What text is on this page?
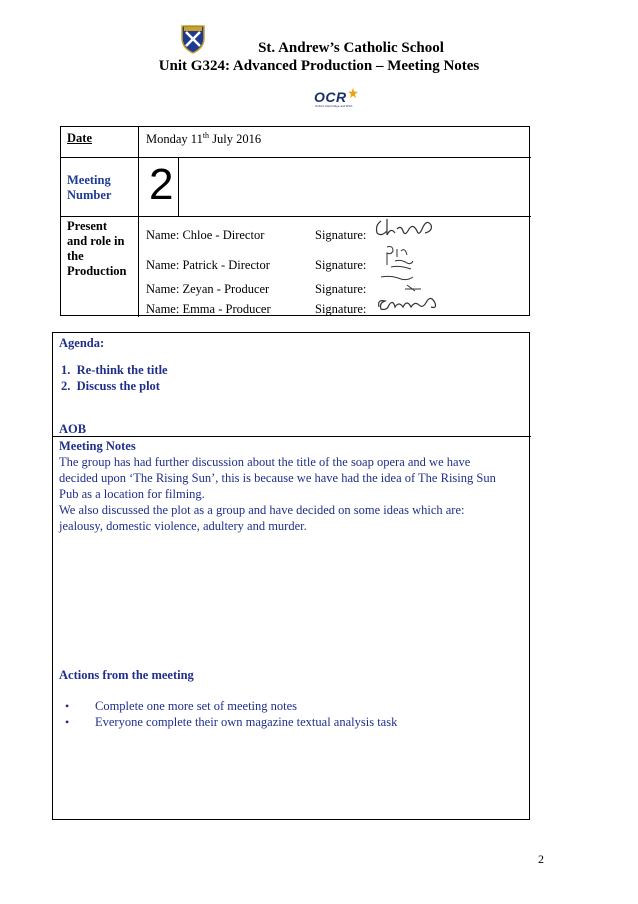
St. Andrew’s Catholic School
Unit G324: Advanced Production – Meeting Notes
OCR
Oxford Cambridge and RSA
Date	Monday 11th July 2016
Meeting
Number 2
Present
and role in
the
Production
Name: Chloe - Director	Signature:
Name: Patrick - Director	Signature:
Name: Zeyan - Producer	Signature:
Name: Emma - Producer	Signature:
Agenda:
1.  Re-think the title
2.  Discuss the plot
AOB
Meeting Notes
The group has had further discussion about the title of the soap opera and we have
decided upon ‘The Rising Sun’, this is because we have had the idea of The Rising Sun
Pub as a location for filming.
We also discussed the plot as a group and have decided on some ideas which are:
jealousy, domestic violence, adultery and murder.
Actions from the meeting
• Complete one more set of meeting notes
• Everyone complete their own magazine textual analysis task
2
